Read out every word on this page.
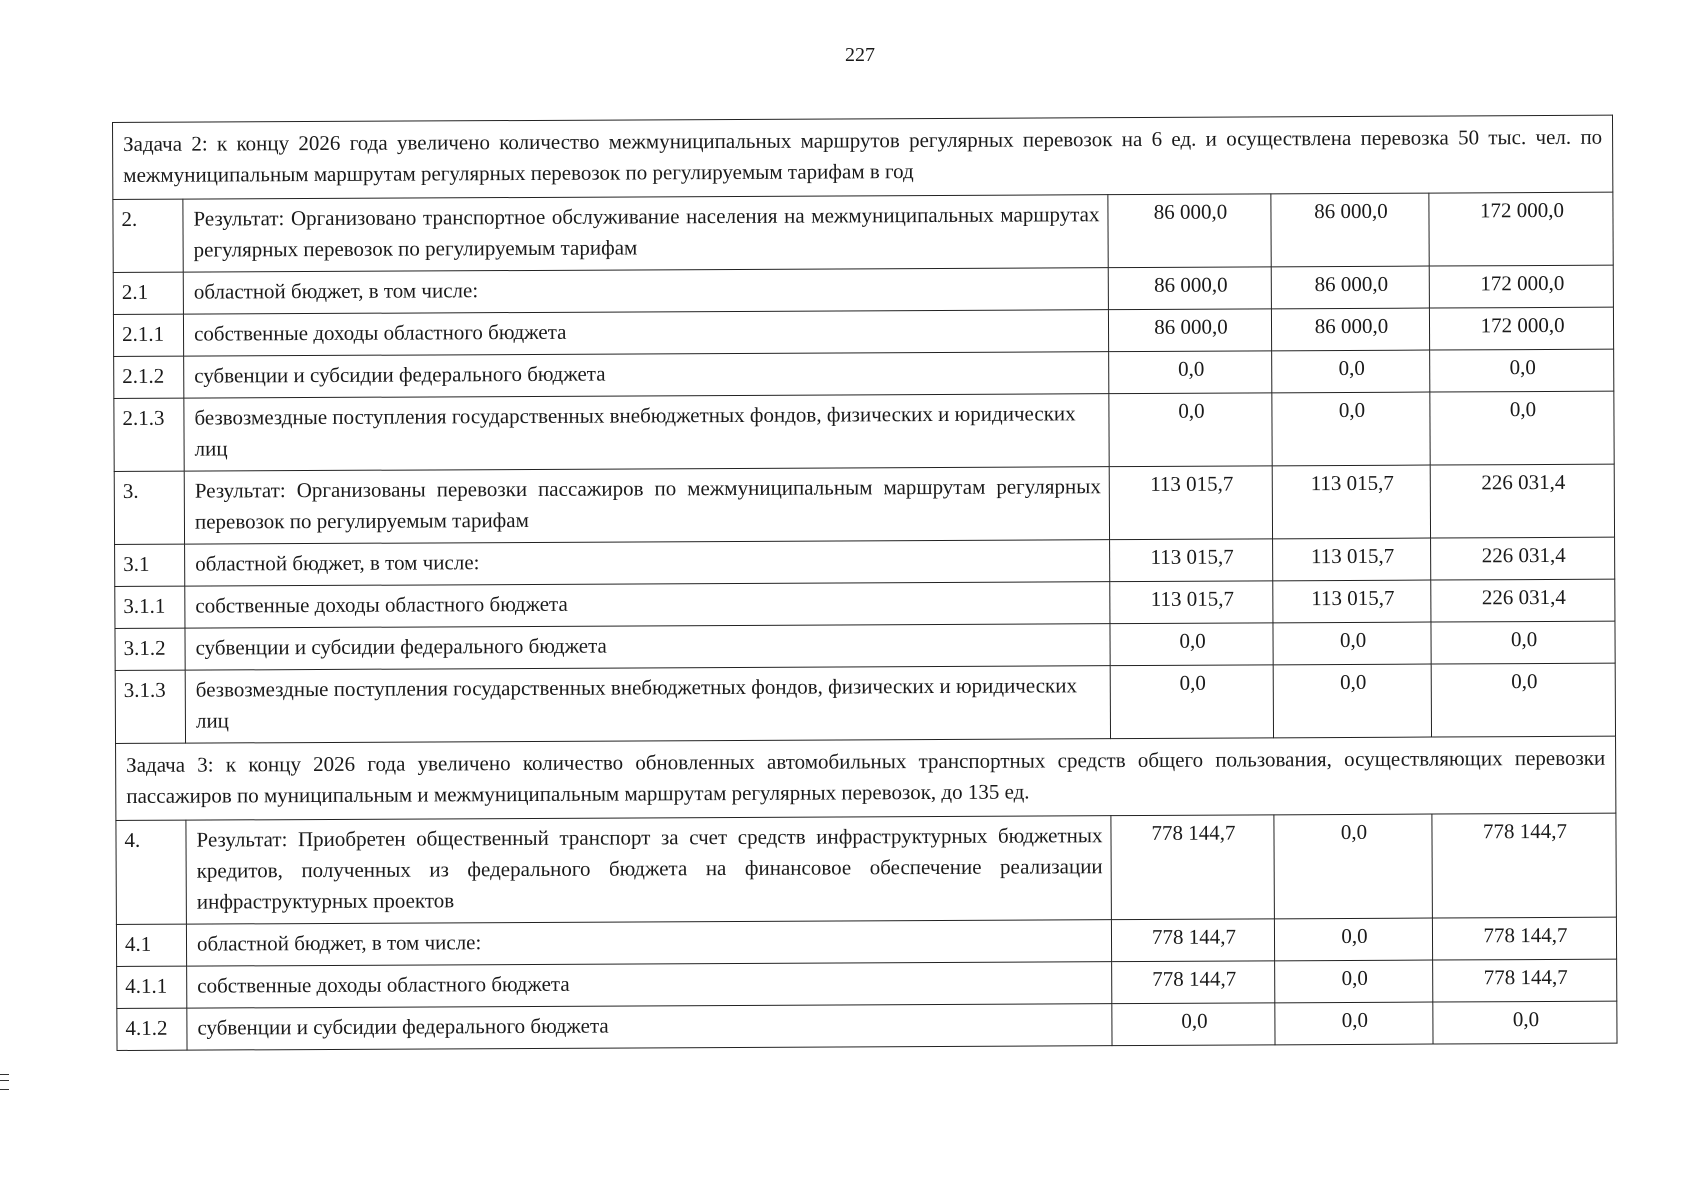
227
Задача 2: к концу 2026 года увеличено количество межмуниципальных маршрутов регулярных перевозок на 6 ед. и осуществлена перевозка 50 тыс. чел. по межмуниципальным маршрутам регулярных перевозок по регулируемым тарифам в год				
2.	Результат: Организовано транспортное обслуживание населения на межмуниципальных маршрутах регулярных перевозок по регулируемым тарифам	86 000,0	86 000,0	172 000,0
2.1	областной бюджет, в том числе:	86 000,0	86 000,0	172 000,0
2.1.1	собственные доходы областного бюджета	86 000,0	86 000,0	172 000,0
2.1.2	субвенции и субсидии федерального бюджета	0,0	0,0	0,0
2.1.3	безвозмездные поступления государственных внебюджетных фондов, физических и юридических лиц	0,0	0,0	0,0
3.	Результат: Организованы перевозки пассажиров по межмуниципальным маршрутам регулярных перевозок по регулируемым тарифам	113 015,7	113 015,7	226 031,4
3.1	областной бюджет, в том числе:	113 015,7	113 015,7	226 031,4
3.1.1	собственные доходы областного бюджета	113 015,7	113 015,7	226 031,4
3.1.2	субвенции и субсидии федерального бюджета	0,0	0,0	0,0
3.1.3	безвозмездные поступления государственных внебюджетных фондов, физических и юридических лиц	0,0	0,0	0,0
Задача 3: к концу 2026 года увеличено количество обновленных автомобильных транспортных средств общего пользования, осуществляющих перевозки пассажиров по муниципальным и межмуниципальным маршрутам регулярных перевозок, до 135 ед.				
4.	Результат: Приобретен общественный транспорт за счет средств инфраструктурных бюджетных кредитов, полученных из федерального бюджета на финансовое обеспечение реализации инфраструктурных проектов	778 144,7	0,0	778 144,7
4.1	областной бюджет, в том числе:	778 144,7	0,0	778 144,7
4.1.1	собственные доходы областного бюджета	778 144,7	0,0	778 144,7
4.1.2	субвенции и субсидии федерального бюджета	0,0	0,0	0,0
